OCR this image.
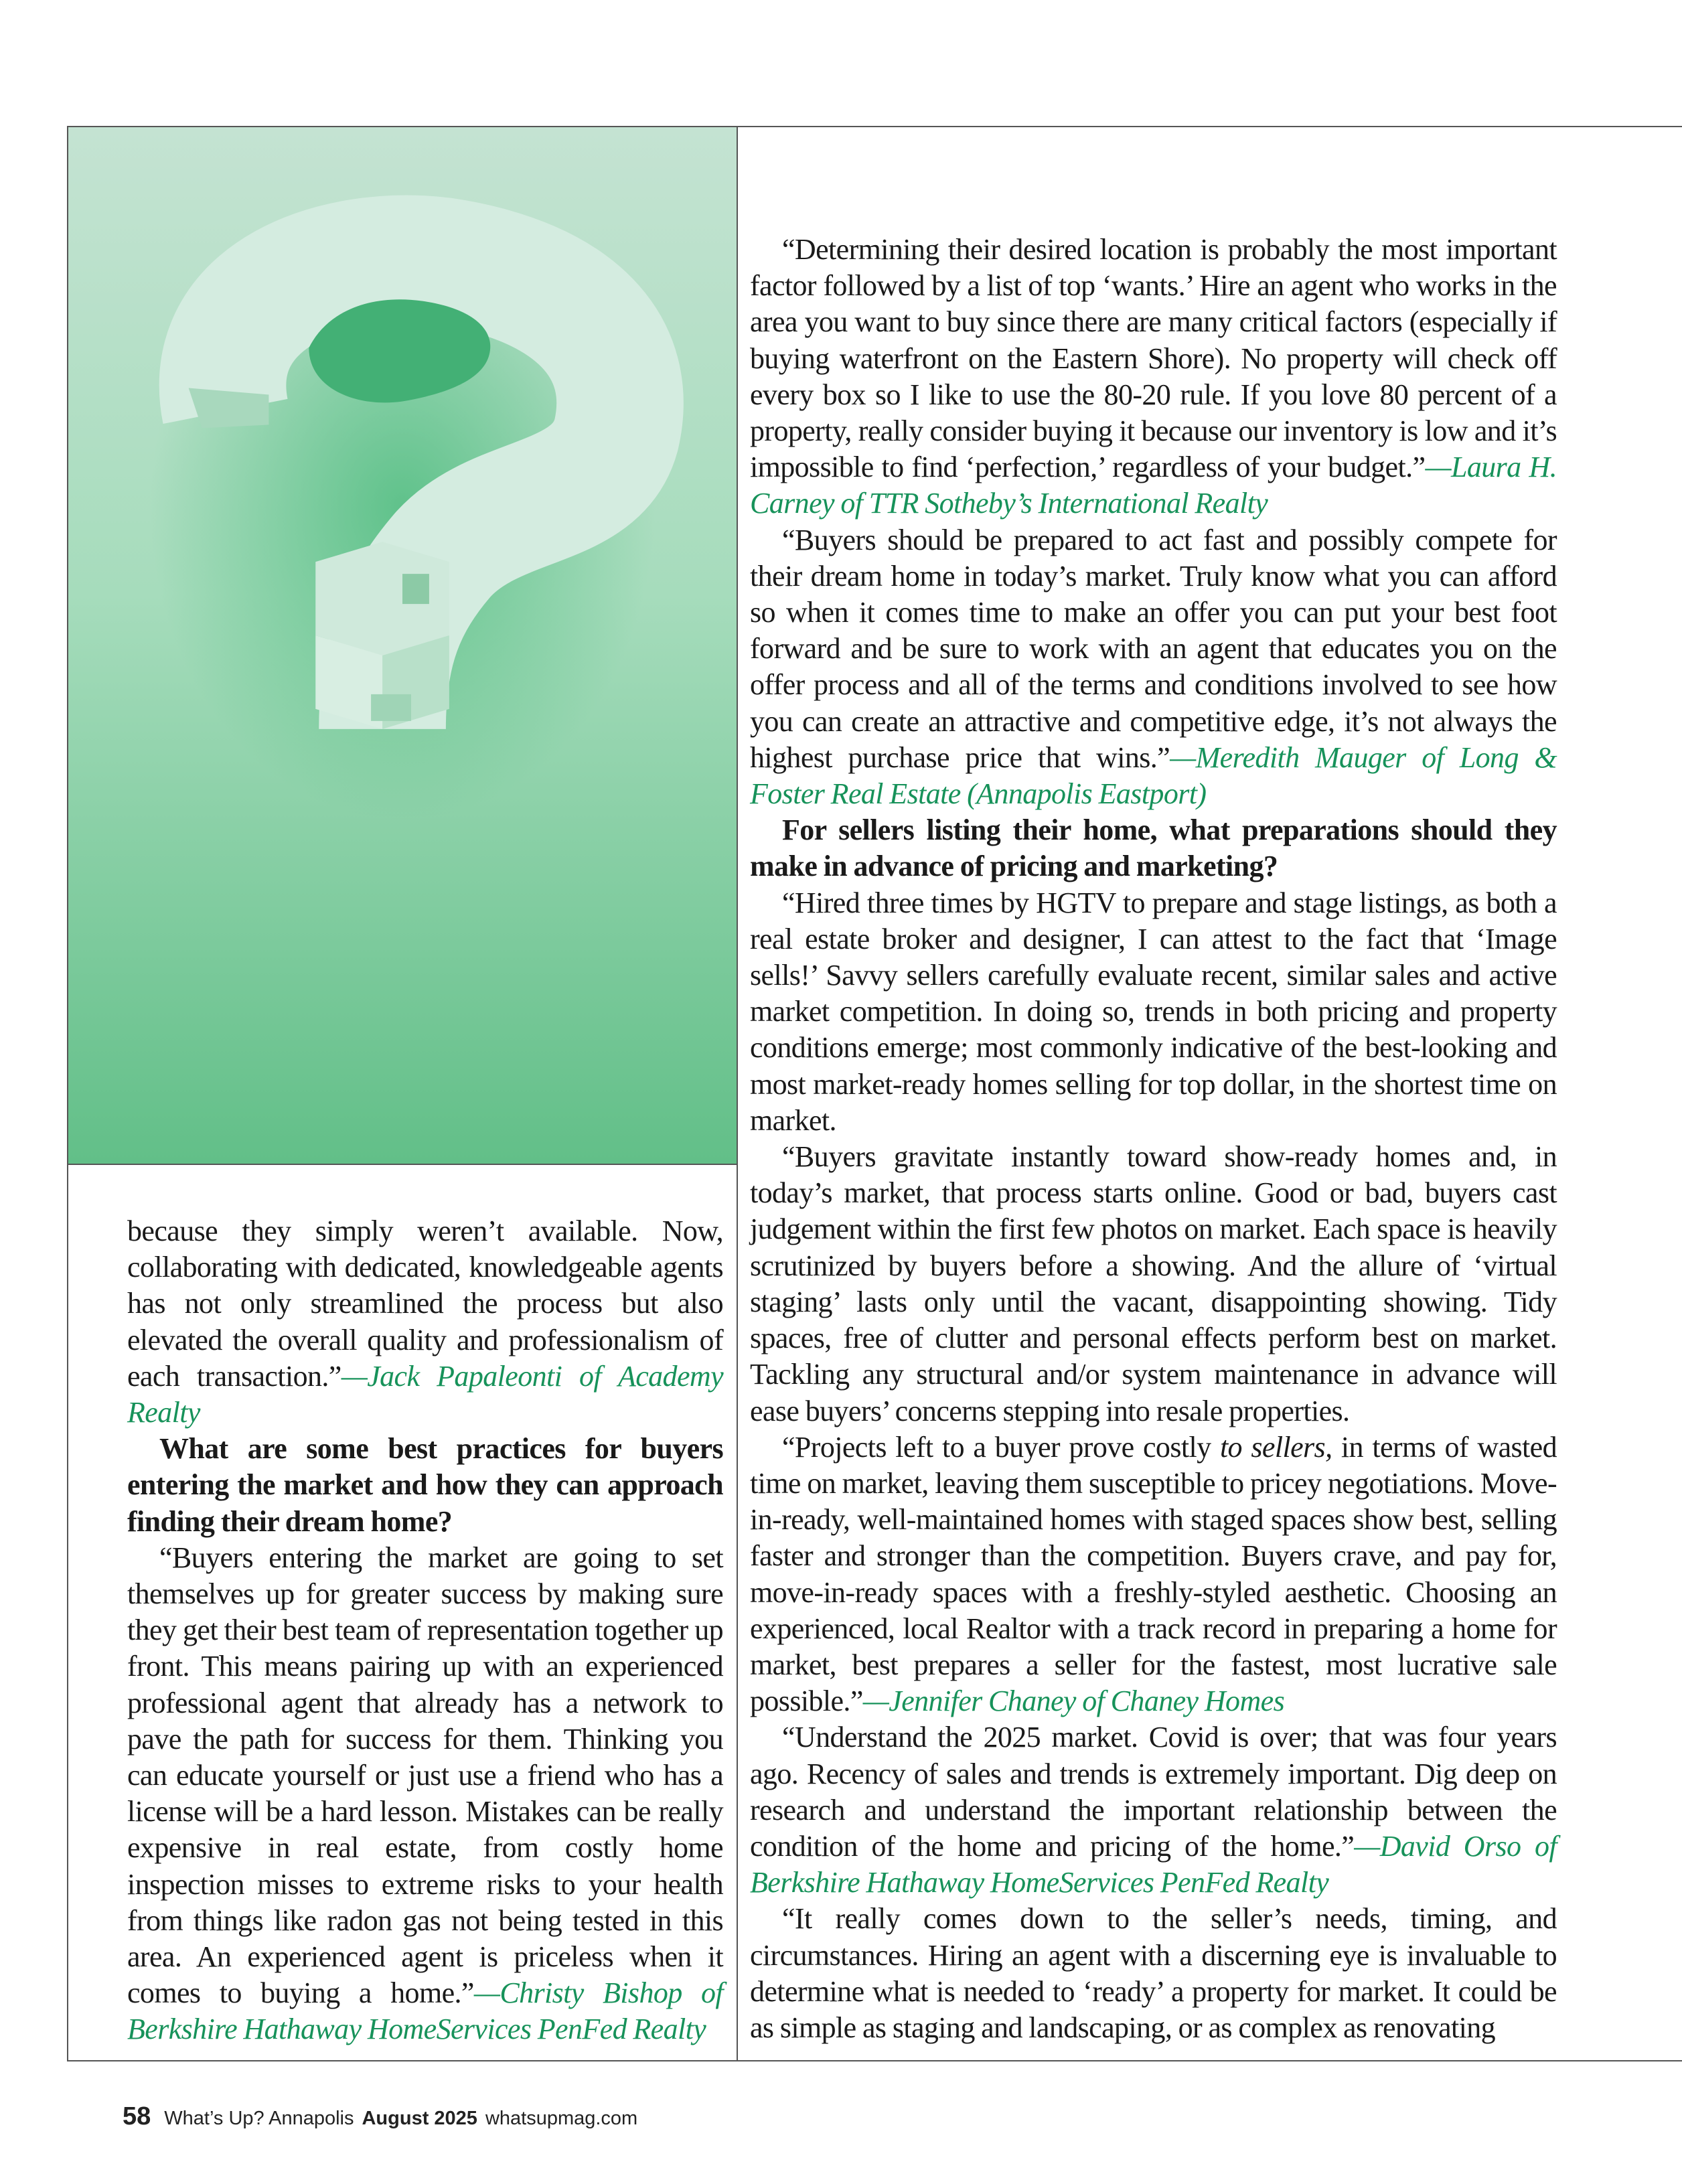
because they simply weren’t available. Now, collaborating with dedicated, knowledgeable agents has not only streamlined the process but also elevated the overall quality and professionalism of each transaction.”—Jack Papaleonti of Academy Realty

What are some best practices for buyers entering the market and how they can approach finding their dream home?

“Buyers entering the market are going to set themselves up for greater success by making sure they get their best team of representation together up front. This means pairing up with an experienced professional agent that already has a network to pave the path for success for them. Thinking you can educate yourself or just use a friend who has a license will be a hard lesson. Mistakes can be really expensive in real estate, from costly home inspection misses to extreme risks to your health from things like radon gas not being tested in this area. An experienced agent is priceless when it comes to buying a home.”—Christy Bishop of Berkshire Hathaway HomeServices PenFed Realty

“Determining their desired location is probably the most important factor followed by a list of top ‘wants.’ Hire an agent who works in the area you want to buy since there are many critical factors (especially if buying waterfront on the Eastern Shore). No property will check off every box so I like to use the 80-20 rule. If you love 80 percent of a property, really consider buying it because our inventory is low and it’s impossible to find ‘perfection,’ regardless of your budget.”—Laura H. Carney of TTR Sotheby’s International Realty

“Buyers should be prepared to act fast and possibly compete for their dream home in today’s market. Truly know what you can afford so when it comes time to make an offer you can put your best foot forward and be sure to work with an agent that educates you on the offer process and all of the terms and conditions involved to see how you can create an attractive and competitive edge, it’s not always the highest purchase price that wins.”—Meredith Mauger of Long & Foster Real Estate (Annapolis Eastport)

For sellers listing their home, what preparations should they make in advance of pricing and marketing?

“Hired three times by HGTV to prepare and stage listings, as both a real estate broker and designer, I can attest to the fact that ‘Image sells!’ Savvy sellers carefully evaluate recent, similar sales and active market competition. In doing so, trends in both pricing and property conditions emerge; most commonly indicative of the best-looking and most market-ready homes selling for top dollar, in the shortest time on market.

“Buyers gravitate instantly toward show-ready homes and, in today’s market, that process starts online. Good or bad, buyers cast judgement within the first few photos on market. Each space is heavily scrutinized by buyers before a showing. And the allure of ‘virtual staging’ lasts only until the vacant, disappointing showing. Tidy spaces, free of clutter and personal effects perform best on market. Tackling any structural and/or system maintenance in advance will ease buyers’ concerns stepping into resale properties.

“Projects left to a buyer prove costly to sellers, in terms of wasted time on market, leaving them susceptible to pricey negotiations. Move-in-ready, well-maintained homes with staged spaces show best, selling faster and stronger than the competition. Buyers crave, and pay for, move-in-ready spaces with a freshly-styled aesthetic. Choosing an experienced, local Realtor with a track record in preparing a home for market, best prepares a seller for the fastest, most lucrative sale possible.”—Jennifer Chaney of Chaney Homes

“Understand the 2025 market. Covid is over; that was four years ago. Recency of sales and trends is extremely important. Dig deep on research and understand the important relationship between the condition of the home and pricing of the home.”—David Orso of Berkshire Hathaway HomeServices PenFed Realty

“It really comes down to the seller’s needs, timing, and circumstances. Hiring an agent with a discerning eye is invaluable to determine what is needed to ‘ready’ a property for market. It could be as simple as staging and landscaping, or as complex as renovating

58 What’s Up? Annapolis August 2025 whatsupmag.com
